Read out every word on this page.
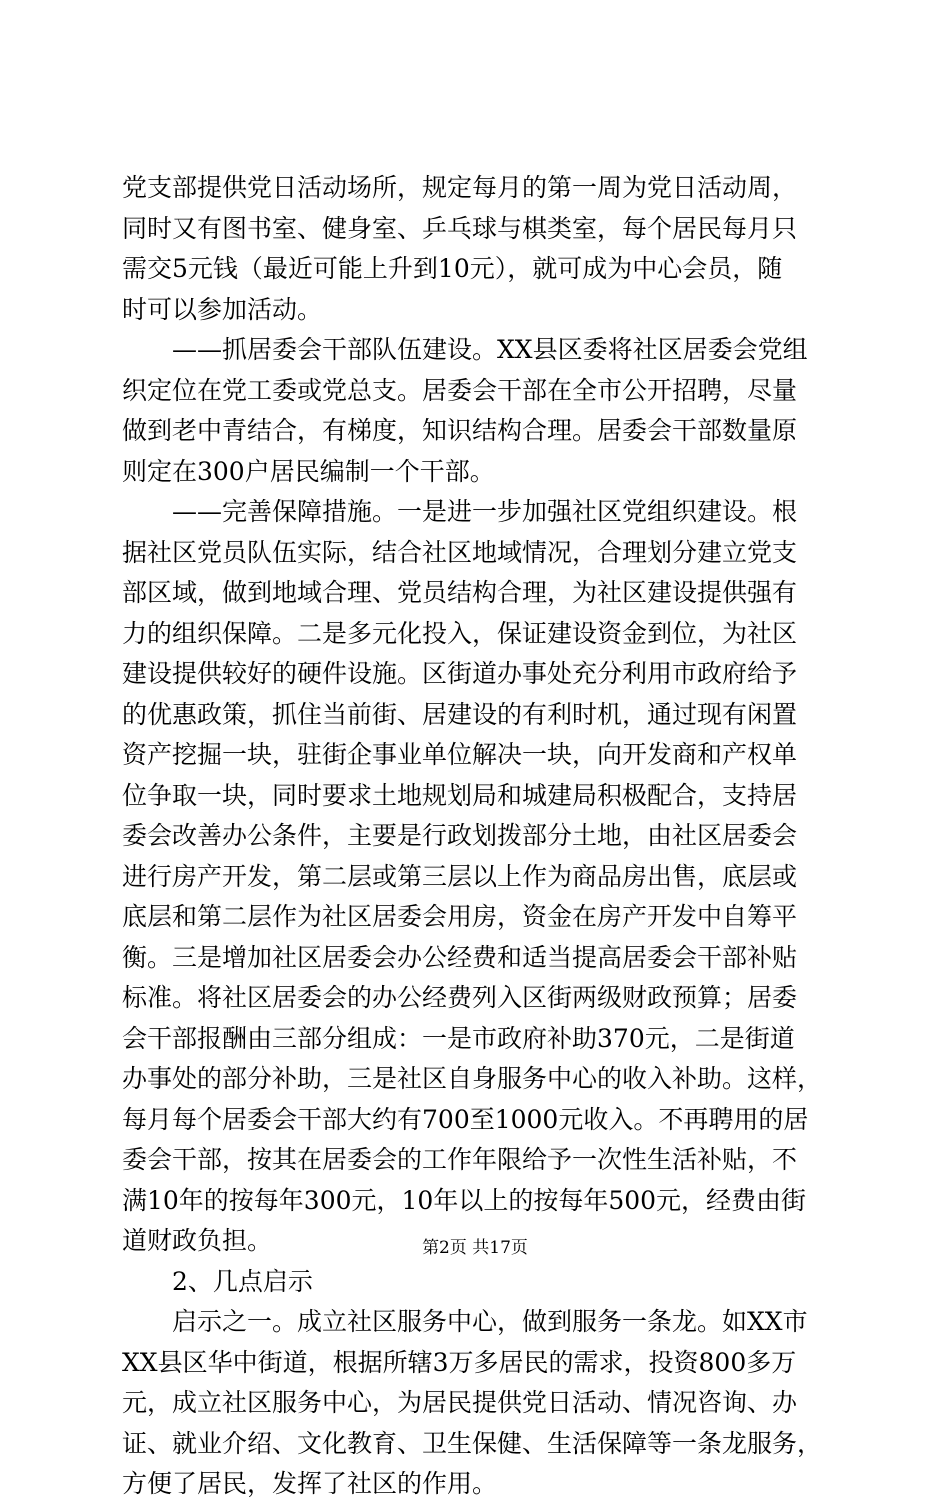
党支部提供党日活动场所，规定每月的第一周为党日活动周，
同时又有图书室、健身室、乒乓球与棋类室，每个居民每月只
需交5元钱（最近可能上升到10元），就可成为中心会员，随
时可以参加活动。
——抓居委会干部队伍建设。XX县区委将社区居委会党组
织定位在党工委或党总支。居委会干部在全市公开招聘，尽量
做到老中青结合，有梯度，知识结构合理。居委会干部数量原
则定在300户居民编制一个干部。
——完善保障措施。一是进一步加强社区党组织建设。根
据社区党员队伍实际，结合社区地域情况，合理划分建立党支
部区域，做到地域合理、党员结构合理，为社区建设提供强有
力的组织保障。二是多元化投入，保证建设资金到位，为社区
建设提供较好的硬件设施。区街道办事处充分利用市政府给予
的优惠政策，抓住当前街、居建设的有利时机，通过现有闲置
资产挖掘一块，驻街企事业单位解决一块，向开发商和产权单
位争取一块，同时要求土地规划局和城建局积极配合，支持居
委会改善办公条件，主要是行政划拨部分土地，由社区居委会
进行房产开发，第二层或第三层以上作为商品房出售，底层或
底层和第二层作为社区居委会用房，资金在房产开发中自筹平
衡。三是增加社区居委会办公经费和适当提高居委会干部补贴
标准。将社区居委会的办公经费列入区街两级财政预算；居委
会干部报酬由三部分组成：一是市政府补助370元，二是街道
办事处的部分补助，三是社区自身服务中心的收入补助。这样，
每月每个居委会干部大约有700至1000元收入。不再聘用的居
委会干部，按其在居委会的工作年限给予一次性生活补贴，不
满10年的按每年300元，10年以上的按每年500元，经费由街
道财政负担。
2、几点启示
启示之一。成立社区服务中心，做到服务一条龙。如XX市
XX县区华中街道，根据所辖3万多居民的需求，投资800多万
元，成立社区服务中心，为居民提供党日活动、情况咨询、办
证、就业介绍、文化教育、卫生保健、生活保障等一条龙服务，
方便了居民，发挥了社区的作用。
第2页 共17页
